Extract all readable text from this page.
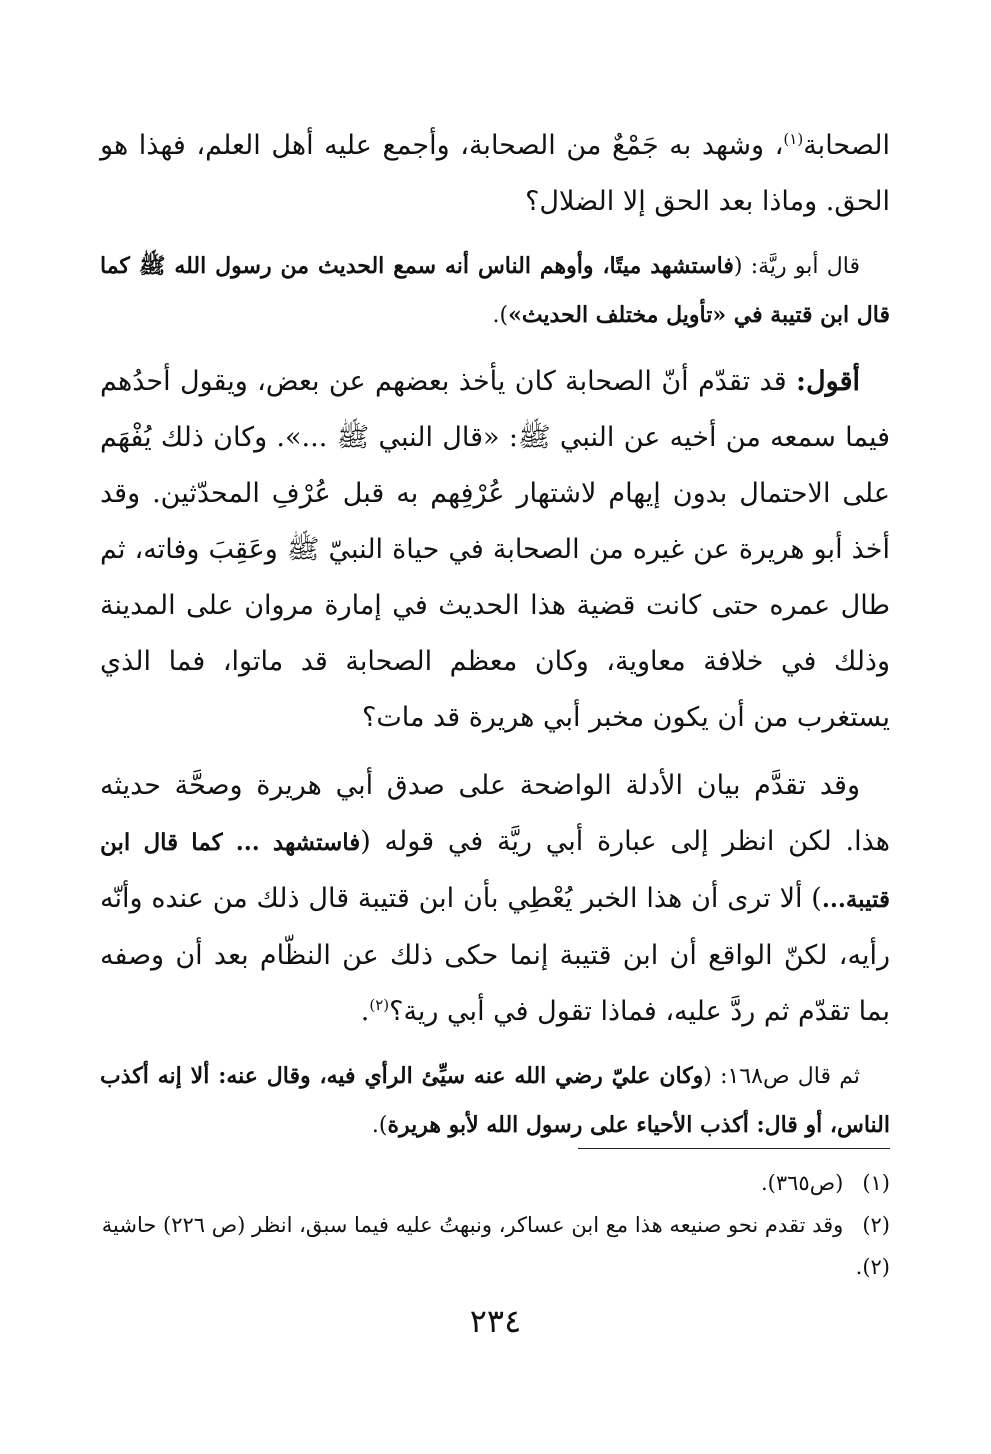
الصحابة$^{(١)}$، وشهد به جَمْعٌ من الصحابة، وأجمع عليه أهل العلم، فهذا هو الحق. وماذا بعد الحق إلا الضلال؟

قال أبو ريَّة: (فاستشهد ميتًا، وأوهم الناس أنه سمع الحديث من رسول الله ﷺ كما قال ابن قتيبة في «تأويل مختلف الحديث»).

أقول: قد تقدّم أنّ الصحابة كان يأخذ بعضهم عن بعض، ويقول أحدُهم فيما سمعه من أخيه عن النبي ﷺ: «قال النبي ﷺ ...». وكان ذلك يُفْهَم على الاحتمال بدون إيهام لاشتهار عُرْفِهم به قبل عُرْفِ المحدّثين. وقد أخذ أبو هريرة عن غيره من الصحابة في حياة النبيّ ﷺ وعَقِبَ وفاته، ثم طال عمره حتى كانت قضية هذا الحديث في إمارة مروان على المدينة وذلك في خلافة معاوية، وكان معظم الصحابة قد ماتوا، فما الذي يستغرب من أن يكون مخبر أبي هريرة قد مات؟

وقد تقدَّم بيان الأدلة الواضحة على صدق أبي هريرة وصحَّة حديثه هذا. لكن انظر إلى عبارة أبي ريَّة في قوله (فاستشهد ... كما قال ابن قتيبة...) ألا ترى أن هذا الخبر يُعْطِي بأن ابن قتيبة قال ذلك من عنده وأنّه رأيه، لكنّ الواقع أن ابن قتيبة إنما حكى ذلك عن النظّام بعد أن وصفه بما تقدّم ثم ردَّ عليه، فماذا تقول في أبي رية؟$^{(٢)}$.

ثم قال ص١٦٨: (وكان عليّ رضي الله عنه سيِّئ الرأي فيه، وقال عنه: ألا إنه أكذب الناس، أو قال: أكذب الأحياء على رسول الله لأبو هريرة).

(١) (ص٣٦٥).

(٢) وقد تقدم نحو صنيعه هذا مع ابن عساكر، ونبهتُ عليه فيما سبق، انظر (ص ٢٢٦) حاشية (٢).

٢٣٤
